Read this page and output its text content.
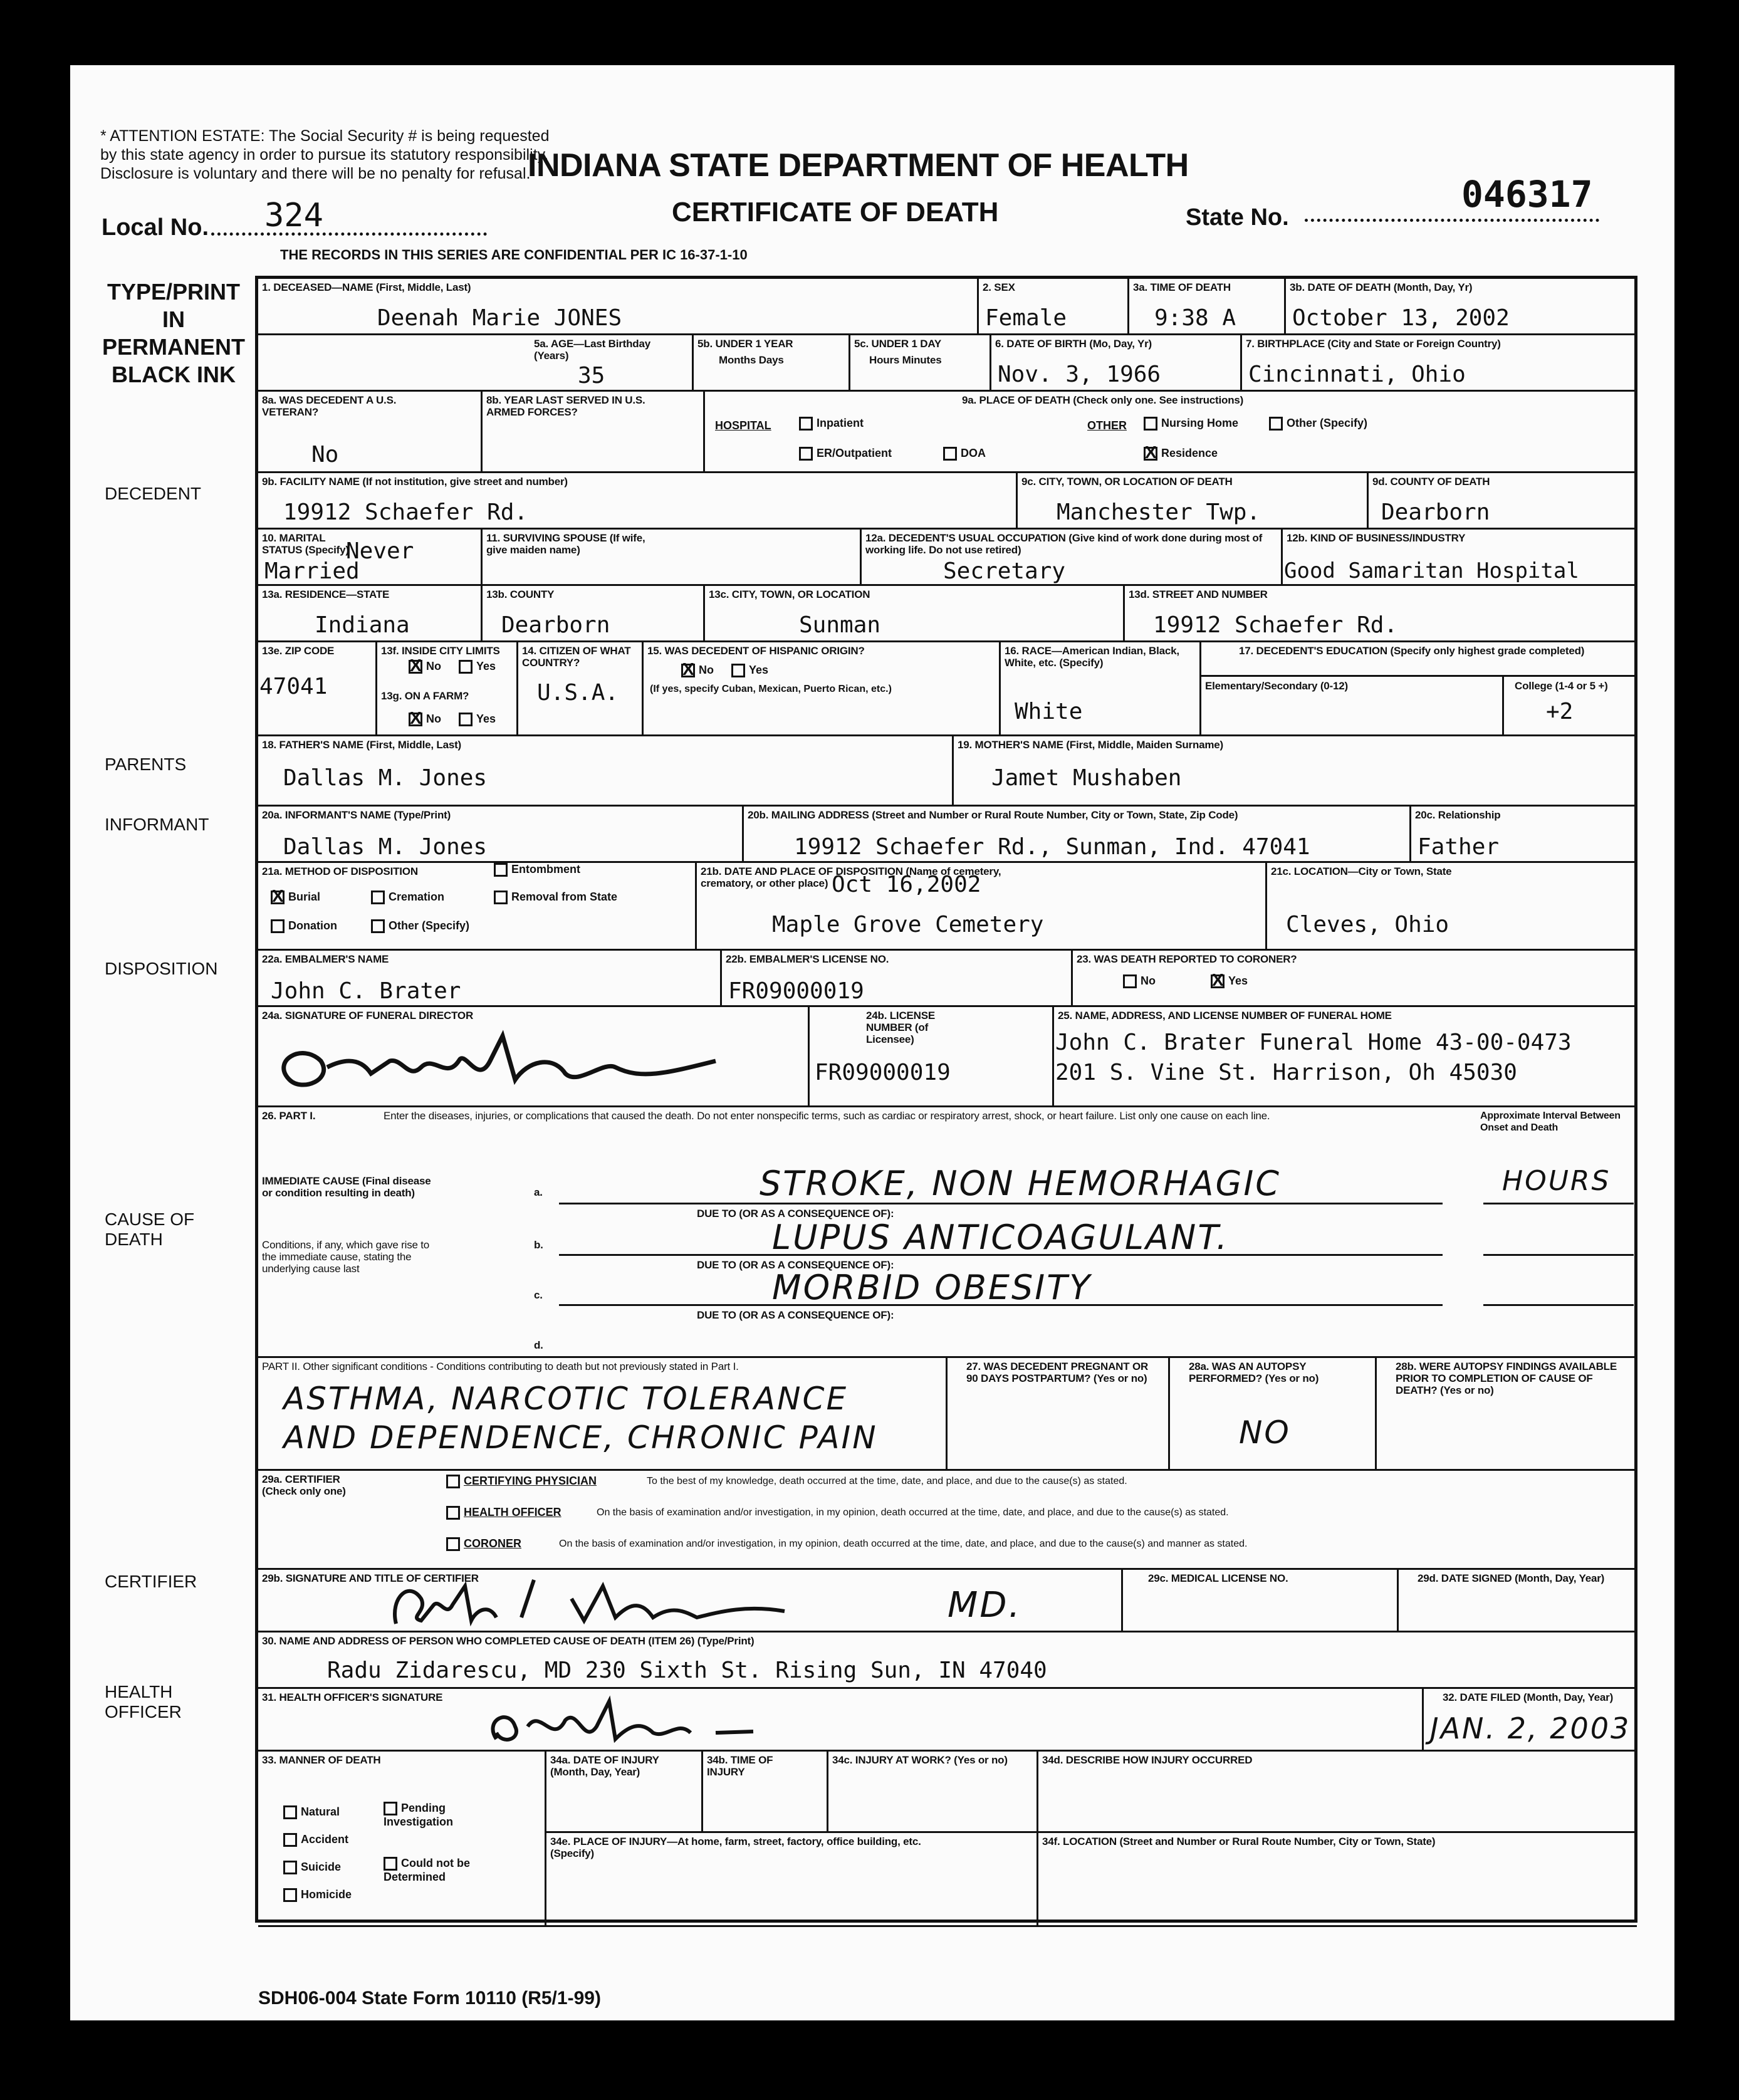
* ATTENTION ESTATE: The Social Security # is being requested by this state agency in order to pursue its statutory responsibility. Disclosure is voluntary and there will be no penalty for refusal.
INDIANA STATE DEPARTMENT OF HEALTH
CERTIFICATE OF DEATH	State No.
046317
Local No. 324
THE RECORDS IN THIS SERIES ARE CONFIDENTIAL PER IC 16-37-1-10
TYPE/PRINT IN PERMANENT BLACK INK
DECEDENT
PARENTS
INFORMANT
DISPOSITION
CAUSE OF DEATH
CERTIFIER
HEALTH OFFICER
1. DECEASED—NAME (First, Middle, Last)
Deenah Marie JONES
2. SEX
Female
3a. TIME OF DEATH
9:38 A
3b. DATE OF DEATH (Month, Day, Yr)
October 13, 2002
5a. AGE—Last Birthday (Years)
35
5b. UNDER 1 YEAR
Months Days
5c. UNDER 1 DAY
Hours Minutes
6. DATE OF BIRTH (Mo, Day, Yr)
Nov. 3, 1966
7. BIRTHPLACE (City and State or Foreign Country)
Cincinnati, Ohio
8a. WAS DECEDENT A U.S. VETERAN?
No
8b. YEAR LAST SERVED IN U.S. ARMED FORCES?
9a. PLACE OF DEATH (Check only one. See instructions)
HOSPITAL	Inpatient
ER/Outpatient	DOA
OTHER	Nursing Home	Other (Specify)
XResidence
9b. FACILITY NAME (If not institution, give street and number)
19912 Schaefer Rd.
9c. CITY, TOWN, OR LOCATION OF DEATH
Manchester Twp.
9d. COUNTY OF DEATH
Dearborn
10. MARITAL STATUS (Specify)
Never
Married
11. SURVIVING SPOUSE (If wife, give maiden name)
12a. DECEDENT'S USUAL OCCUPATION (Give kind of work done during most of working life. Do not use retired)
Secretary
12b. KIND OF BUSINESS/INDUSTRY
Good Samaritan Hospital
13a. RESIDENCE—STATE
Indiana
13b. COUNTY
Dearborn
13c. CITY, TOWN, OR LOCATION
Sunman
13d. STREET AND NUMBER
19912 Schaefer Rd.
13e. ZIP CODE
47041
13f. INSIDE CITY LIMITS
XNo	Yes
13g. ON A FARM?
XNo	Yes
14. CITIZEN OF WHAT COUNTRY?
U.S.A.
15. WAS DECEDENT OF HISPANIC ORIGIN?
XNo	Yes
(If yes, specify Cuban, Mexican, Puerto Rican, etc.)
16. RACE—American Indian, Black, White, etc. (Specify)
White
17. DECEDENT'S EDUCATION (Specify only highest grade completed)
Elementary/Secondary (0-12)	College (1-4 or 5 +)
+2
18. FATHER'S NAME (First, Middle, Last)
Dallas M. Jones
19. MOTHER'S NAME (First, Middle, Maiden Surname)
Jamet Mushaben
20a. INFORMANT'S NAME (Type/Print)
Dallas M. Jones
20b. MAILING ADDRESS (Street and Number or Rural Route Number, City or Town, State, Zip Code)
19912 Schaefer Rd., Sunman, Ind. 47041
20c. Relationship
Father
21a. METHOD OF DISPOSITION	Entombment
XBurial	Cremation	Removal from State
Donation	Other (Specify)
21b. DATE AND PLACE OF DISPOSITION (Name of cemetery, crematory, or other place) Oct 16,2002
Maple Grove Cemetery
21c. LOCATION—City or Town, State
Cleves, Ohio
22a. EMBALMER'S NAME
John C. Brater
22b. EMBALMER'S LICENSE NO.
FR09000019
23. WAS DEATH REPORTED TO CORONER?
No
X	Yes
24a. SIGNATURE OF FUNERAL DIRECTOR	24b. LICENSE NUMBER (of Licensee)
FR09000019
25. NAME, ADDRESS, AND LICENSE NUMBER OF FUNERAL HOME
John C. Brater Funeral Home 43-00-0473
201 S. Vine St. Harrison, Oh 45030
26. PART I.	Enter the diseases, injuries, or complications that caused the death. Do not enter nonspecific terms, such as cardiac or respiratory arrest, shock, or heart failure. List only one cause on each line.	Approximate Interval Between Onset and Death
IMMEDIATE CAUSE (Final disease or condition resulting in death)
Conditions, if any, which gave rise to the immediate cause, stating the underlying cause last
a.
b.
c.
d.
DUE TO (OR AS A CONSEQUENCE OF):
DUE TO (OR AS A CONSEQUENCE OF):
DUE TO (OR AS A CONSEQUENCE OF):
STROKE, NON HEMORHAGIC	HOURS
LUPUS ANTICOAGULANT.
MORBID OBESITY
PART II. Other significant conditions - Conditions contributing to death but not previously stated in Part I.
ASTHMA, NARCOTIC TOLERANCE
AND DEPENDENCE, CHRONIC PAIN
27. WAS DECEDENT PREGNANT OR 90 DAYS POSTPARTUM? (Yes or no)
28a. WAS AN AUTOPSY PERFORMED? (Yes or no)
NO
28b. WERE AUTOPSY FINDINGS AVAILABLE PRIOR TO COMPLETION OF CAUSE OF DEATH? (Yes or no)
29a. CERTIFIER (Check only one)
CERTIFYING PHYSICIAN	To the best of my knowledge, death occurred at the time, date, and place, and due to the cause(s) as stated.
HEALTH OFFICER	On the basis of examination and/or investigation, in my opinion, death occurred at the time, date, and place, and due to the cause(s) as stated.
CORONER	On the basis of examination and/or investigation, in my opinion, death occurred at the time, date, and place, and due to the cause(s) and manner as stated.
29b. SIGNATURE AND TITLE OF CERTIFIER
MD.
29c. MEDICAL LICENSE NO.	29d. DATE SIGNED (Month, Day, Year)
30. NAME AND ADDRESS OF PERSON WHO COMPLETED CAUSE OF DEATH (ITEM 26) (Type/Print)
Radu Zidarescu, MD 230 Sixth St. Rising Sun, IN 47040
31. HEALTH OFFICER'S SIGNATURE	32. DATE FILED (Month, Day, Year)
JAN. 2, 2003
33. MANNER OF DEATH
Natural	Pending Investigation
Accident
Suicide	Could not be Determined
Homicide
34a. DATE OF INJURY (Month, Day, Year)
34b. TIME OF INJURY
34c. INJURY AT WORK? (Yes or no)	34d. DESCRIBE HOW INJURY OCCURRED
34e. PLACE OF INJURY—At home, farm, street, factory, office building, etc. (Specify)
34f. LOCATION (Street and Number or Rural Route Number, City or Town, State)
SDH06-004 State Form 10110 (R5/1-99)
